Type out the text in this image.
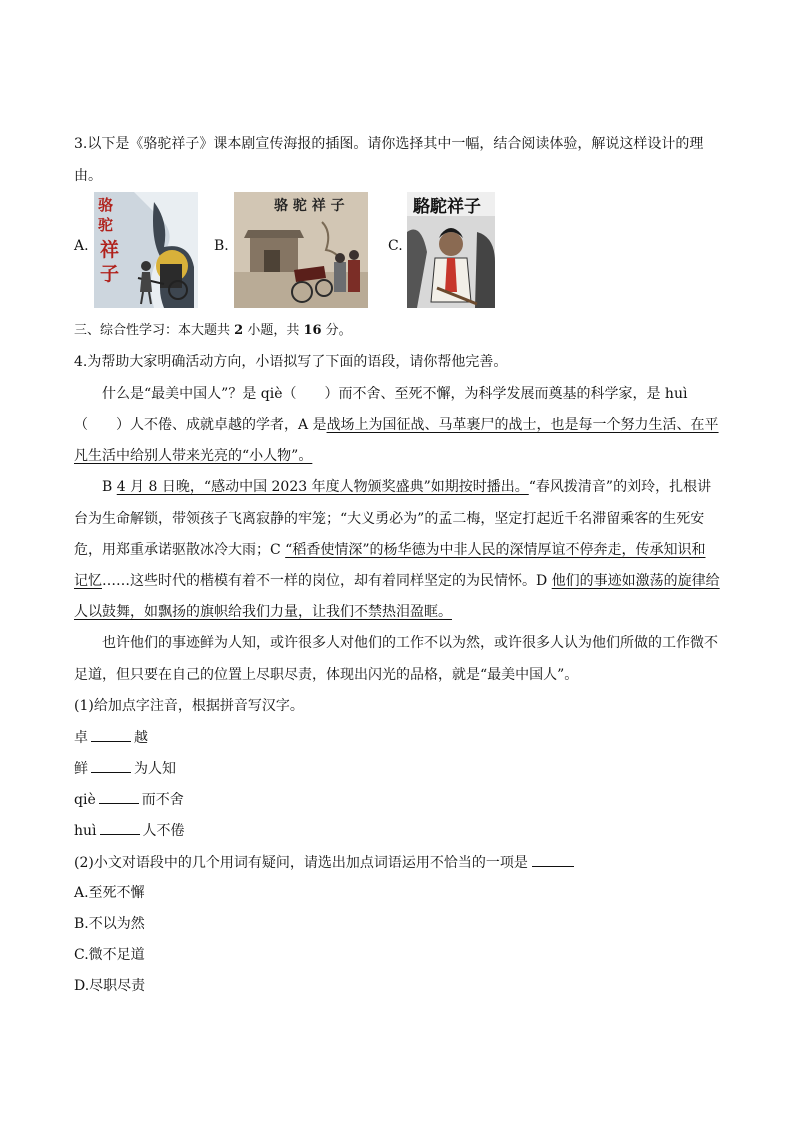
3.以下是《骆驼祥子》课本剧宣传海报的插图。请你选择其中一幅，结合阅读体验，解说这样设计的理
由。
A.
骆驼
祥子
B.
骆 驼 祥 子
C.
駱駝祥子
三、综合性学习：本大题共 2 小题，共 16 分。
4.为帮助大家明确活动方向，小语拟写了下面的语段，请你帮他完善。
什么是“最美中国人”？是 qiè（　　）而不舍、至死不懈，为科学发展而奠基的科学家，是 huì
（　　）人不倦、成就卓越的学者，A 是战场上为国征战、马革裹尸的战士，也是每一个努力生活、在平
凡生活中给别人带来光亮的“小人物”。
B 4 月 8 日晚，“感动中国 2023 年度人物颁奖盛典”如期按时播出。“春风拨清音”的刘玲，扎根讲
台为生命解锁，带领孩子飞离寂静的牢笼；“大义勇必为”的孟二梅，坚定打起近千名滞留乘客的生死安
危，用郑重承诺驱散冰冷大雨；C “稻香使情深”的杨华德为中非人民的深情厚谊不停奔走，传承知识和
记忆……这些时代的楷模有着不一样的岗位，却有着同样坚定的为民情怀。D 他们的事迹如激荡的旋律给
人以鼓舞，如飘扬的旗帜给我们力量，让我们不禁热泪盈眶。
也许他们的事迹鲜为人知，或许很多人对他们的工作不以为然，或许很多人认为他们所做的工作微不
足道，但只要在自己的位置上尽职尽责，体现出闪光的品格，就是“最美中国人”。
(1)给加点字注音，根据拼音写汉字。
卓	越
鲜	为人知
qiè	而不舍
huì	人不倦
(2)小文对语段中的几个用词有疑问，请选出加点词语运用不恰当的一项是
A.至死不懈
B.不以为然
C.微不足道
D.尽职尽责
